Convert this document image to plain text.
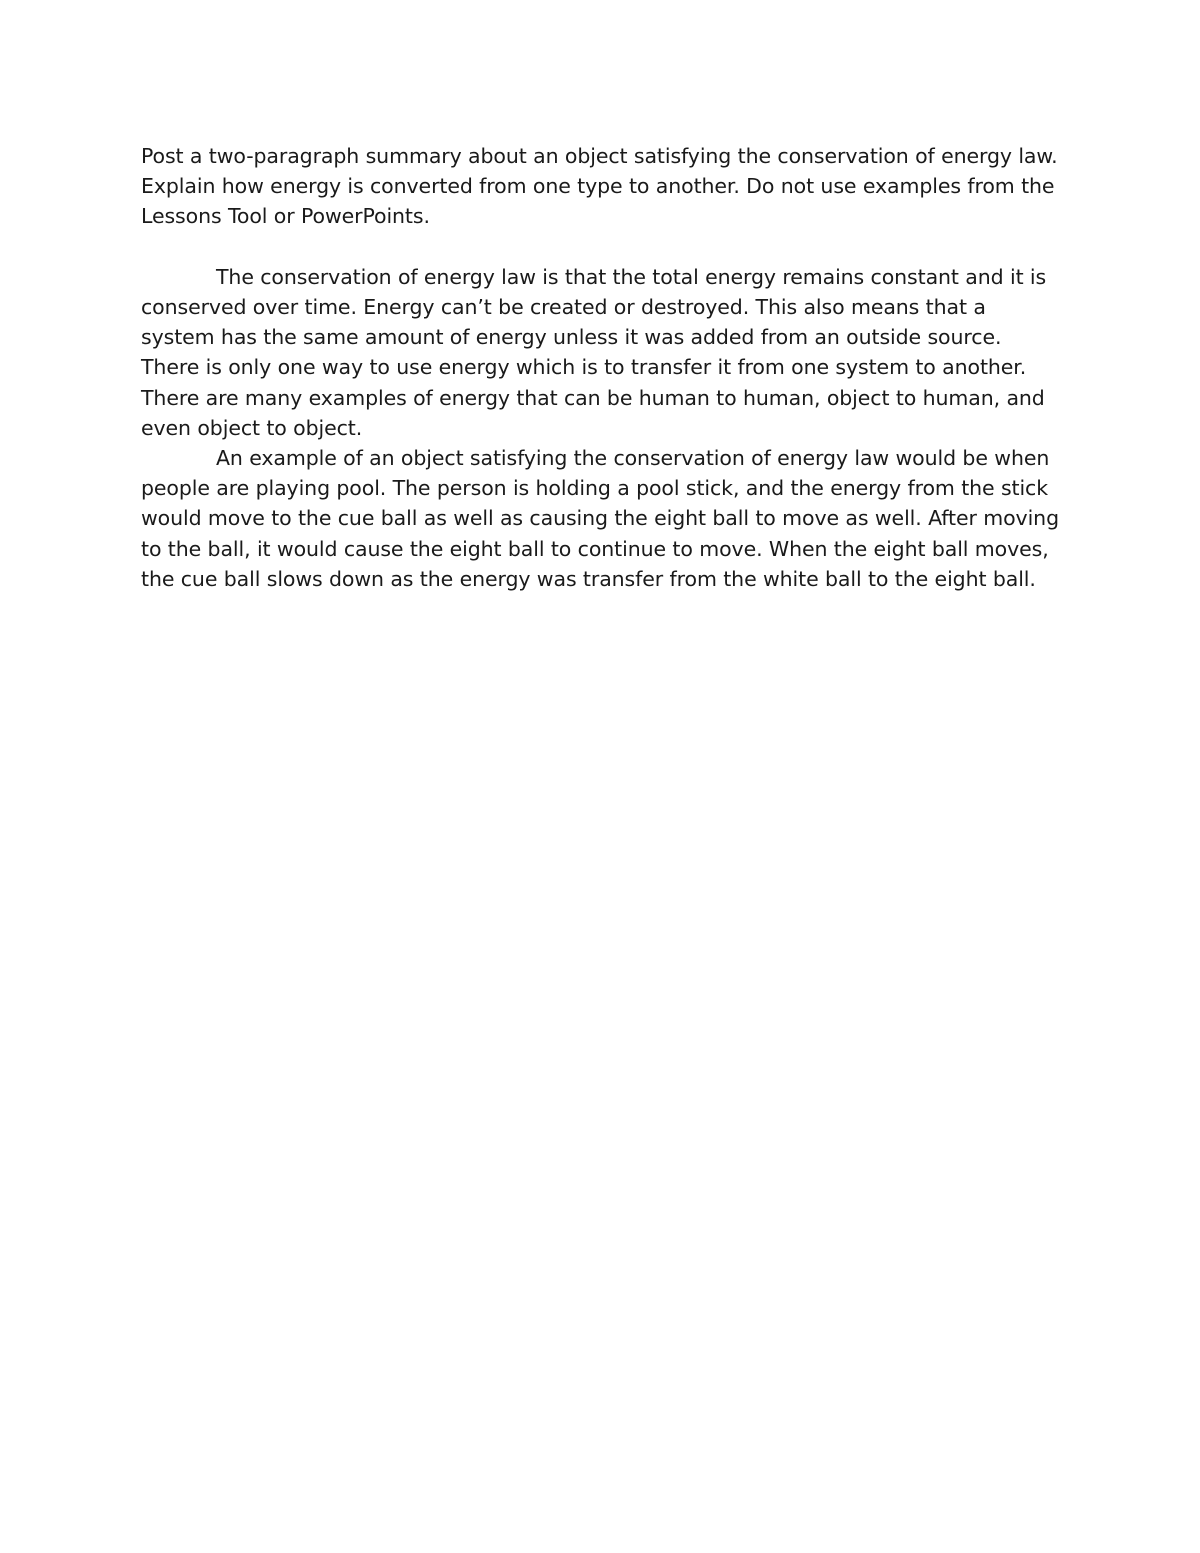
Post a two-paragraph summary about an object satisfying the conservation of energy law. Explain how energy is converted from one type to another. Do not use examples from the Lessons Tool or PowerPoints.

The conservation of energy law is that the total energy remains constant and it is conserved over time. Energy can’t be created or destroyed. This also means that a system has the same amount of energy unless it was added from an outside source. There is only one way to use energy which is to transfer it from one system to another. There are many examples of energy that can be human to human, object to human, and even object to object.

An example of an object satisfying the conservation of energy law would be when people are playing pool. The person is holding a pool stick, and the energy from the stick would move to the cue ball as well as causing the eight ball to move as well. After moving to the ball, it would cause the eight ball to continue to move. When the eight ball moves, the cue ball slows down as the energy was transfer from the white ball to the eight ball.
